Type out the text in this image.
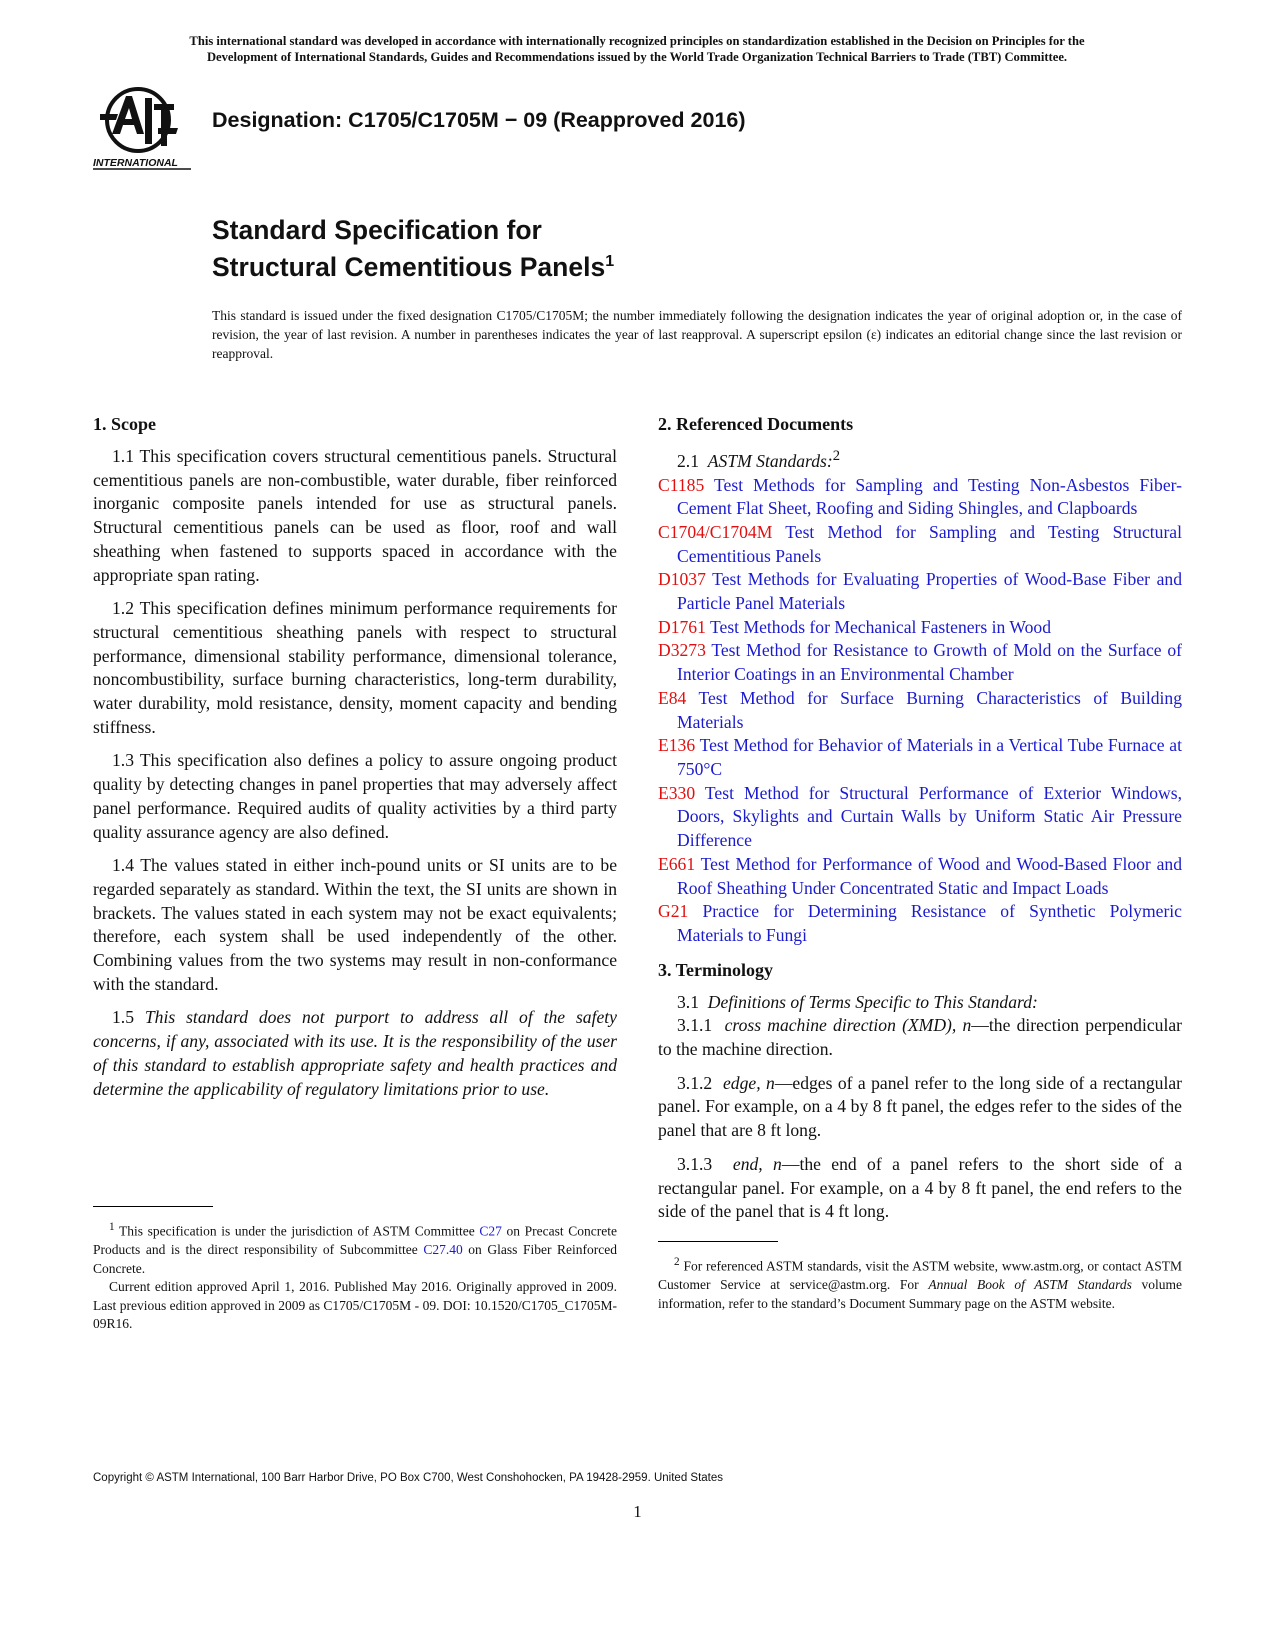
This international standard was developed in accordance with internationally recognized principles on standardization established in the Decision on Principles for the
Development of International Standards, Guides and Recommendations issued by the World Trade Organization Technical Barriers to Trade (TBT) Committee.
INTERNATIONAL
Designation: C1705/C1705M − 09 (Reapproved 2016)
Standard Specification for
Structural Cementitious Panels$^1$
This standard is issued under the fixed designation C1705/C1705M; the number immediately following the designation indicates the year of original adoption or, in the case of revision, the year of last revision. A number in parentheses indicates the year of last reapproval. A superscript epsilon (ε) indicates an editorial change since the last revision or reapproval.
1. Scope

1.1 This specification covers structural cementitious panels. Structural cementitious panels are non-combustible, water durable, fiber reinforced inorganic composite panels intended for use as structural panels. Structural cementitious panels can be used as floor, roof and wall sheathing when fastened to supports spaced in accordance with the appropriate span rating.

1.2 This specification defines minimum performance requirements for structural cementitious sheathing panels with respect to structural performance, dimensional stability performance, dimensional tolerance, noncombustibility, surface burning characteristics, long-term durability, water durability, mold resistance, density, moment capacity and bending stiffness.

1.3 This specification also defines a policy to assure ongoing product quality by detecting changes in panel properties that may adversely affect panel performance. Required audits of quality activities by a third party quality assurance agency are also defined.

1.4 The values stated in either inch-pound units or SI units are to be regarded separately as standard. Within the text, the SI units are shown in brackets. The values stated in each system may not be exact equivalents; therefore, each system shall be used independently of the other. Combining values from the two systems may result in non-conformance with the standard.

1.5 This standard does not purport to address all of the safety concerns, if any, associated with its use. It is the responsibility of the user of this standard to establish appropriate safety and health practices and determine the applicability of regulatory limitations prior to use.

$^1$ This specification is under the jurisdiction of ASTM Committee C27 on Precast Concrete Products and is the direct responsibility of Subcommittee C27.40 on Glass Fiber Reinforced Concrete.

Current edition approved April 1, 2016. Published May 2016. Originally approved in 2009. Last previous edition approved in 2009 as C1705/C1705M - 09. DOI: 10.1520/C1705_C1705M-09R16.

2. Referenced Documents

2.1 ASTM Standards:$^2$

C1185 Test Methods for Sampling and Testing Non-Asbestos Fiber-Cement Flat Sheet, Roofing and Siding Shingles, and Clapboards

C1704/C1704M Test Method for Sampling and Testing Structural Cementitious Panels

D1037 Test Methods for Evaluating Properties of Wood-Base Fiber and Particle Panel Materials

D1761 Test Methods for Mechanical Fasteners in Wood

D3273 Test Method for Resistance to Growth of Mold on the Surface of Interior Coatings in an Environmental Chamber

E84 Test Method for Surface Burning Characteristics of Building Materials

E136 Test Method for Behavior of Materials in a Vertical Tube Furnace at 750°C

E330 Test Method for Structural Performance of Exterior Windows, Doors, Skylights and Curtain Walls by Uniform Static Air Pressure Difference

E661 Test Method for Performance of Wood and Wood-Based Floor and Roof Sheathing Under Concentrated Static and Impact Loads

G21 Practice for Determining Resistance of Synthetic Polymeric Materials to Fungi

3. Terminology

3.1 Definitions of Terms Specific to This Standard:

3.1.1 cross machine direction (XMD), n—the direction perpendicular to the machine direction.

3.1.2 edge, n—edges of a panel refer to the long side of a rectangular panel. For example, on a 4 by 8 ft panel, the edges refer to the sides of the panel that are 8 ft long.

3.1.3 end, n—the end of a panel refers to the short side of a rectangular panel. For example, on a 4 by 8 ft panel, the end refers to the side of the panel that is 4 ft long.

$^2$ For referenced ASTM standards, visit the ASTM website, www.astm.org, or contact ASTM Customer Service at service@astm.org. For Annual Book of ASTM Standards volume information, refer to the standard’s Document Summary page on the ASTM website.

Copyright © ASTM International, 100 Barr Harbor Drive, PO Box C700, West Conshohocken, PA 19428-2959. United States
1
